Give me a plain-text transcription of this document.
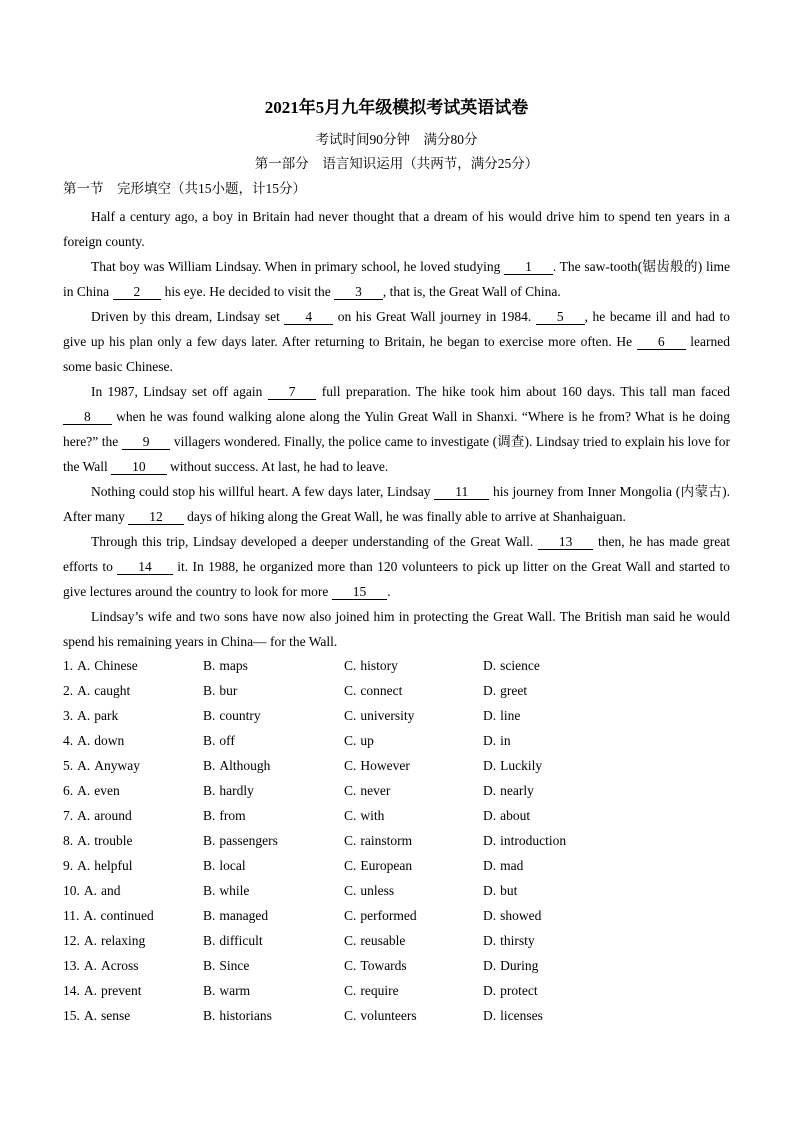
2021年5月九年级模拟考试英语试卷
考试时间90分钟　满分80分
第一部分　语言知识运用（共两节，满分25分）
第一节　完形填空（共15小题，计15分）

Half a century ago, a boy in Britain had never thought that a dream of his would drive him to spend ten years in a foreign county.

That boy was William Lindsay. When in primary school, he loved studying 1 . The saw-tooth(锯齿般的) lime in China 2 his eye. He decided to visit the 3 , that is, the Great Wall of China.

Driven by this dream, Lindsay set 4 on his Great Wall journey in 1984. 5 , he became ill and had to give up his plan only a few days later. After returning to Britain, he began to exercise more often. He 6 learned some basic Chinese.

In 1987, Lindsay set off again 7 full preparation. The hike took him about 160 days. This tall man faced 8 when he was found walking alone along the Yulin Great Wall in Shanxi. “Where is he from? What is he doing here?” the 9 villagers wondered. Finally, the police came to investigate (调查). Lindsay tried to explain his love for the Wall 10 without success. At last, he had to leave.

Nothing could stop his willful heart. A few days later, Lindsay 11 his journey from Inner Mongolia (内蒙古). After many 12 days of hiking along the Great Wall, he was finally able to arrive at Shanhaiguan.

Through this trip, Lindsay developed a deeper understanding of the Great Wall. 13 then, he has made great efforts to 14 it. In 1988, he organized more than 120 volunteers to pick up litter on the Great Wall and started to give lectures around the country to look for more 15 .

Lindsay’s wife and two sons have now also joined him in protecting the Great Wall. The British man said he would spend his remaining years in China— for the Wall.

1. A. Chinese	B. maps	C. history	D. science
2. A. caught	B. bur	C. connect	D. greet
3. A. park	B. country	C. university	D. line
4. A. down	B. off	C. up	D. in
5. A. Anyway	B. Although	C. However	D. Luckily
6. A. even	B. hardly	C. never	D. nearly
7. A. around	B. from	C. with	D. about
8. A. trouble	B. passengers	C. rainstorm	D. introduction
9. A. helpful	B. local	C. European	D. mad
10. A. and	B. while	C. unless	D. but
11. A. continued	B. managed	C. performed	D. showed
12. A. relaxing	B. difficult	C. reusable	D. thirsty
13. A. Across	B. Since	C. Towards	D. During
14. A. prevent	B. warm	C. require	D. protect
15. A. sense	B. historians	C. volunteers	D. licenses
